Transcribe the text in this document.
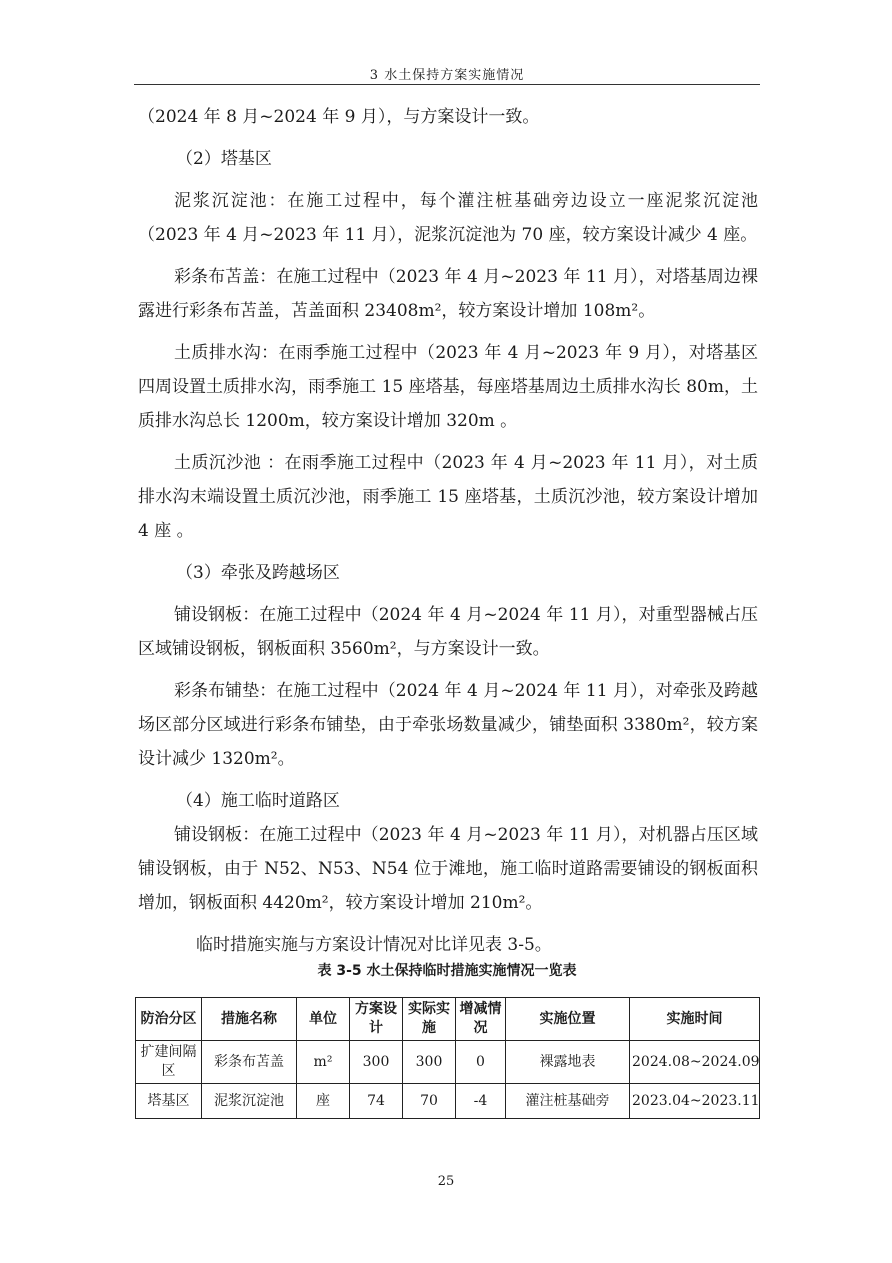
3 水土保持方案实施情况

（2024 年 8 月~2024 年 9 月），与方案设计一致。

（2）塔基区

泥浆沉淀池：在施工过程中，每个灌注桩基础旁边设立一座泥浆沉淀池（2023 年 4 月~2023 年 11 月），泥浆沉淀池为 70 座，较方案设计减少 4 座。

彩条布苫盖：在施工过程中（2023 年 4 月~2023 年 11 月），对塔基周边裸露进行彩条布苫盖，苫盖面积 23408m²，较方案设计增加 108m²。

土质排水沟：在雨季施工过程中（2023 年 4 月~2023 年 9 月），对塔基区四周设置土质排水沟，雨季施工 15 座塔基，每座塔基周边土质排水沟长 80m，土质排水沟总长 1200m，较方案设计增加 320m 。

土质沉沙池 ：在雨季施工过程中（2023 年 4 月~2023 年 11 月），对土质排水沟末端设置土质沉沙池，雨季施工 15 座塔基，土质沉沙池，较方案设计增加 4 座 。

（3）牵张及跨越场区

铺设钢板：在施工过程中（2024 年 4 月~2024 年 11 月），对重型器械占压区域铺设钢板，钢板面积 3560m²，与方案设计一致。

彩条布铺垫：在施工过程中（2024 年 4 月~2024 年 11 月），对牵张及跨越场区部分区域进行彩条布铺垫，由于牵张场数量减少，铺垫面积 3380m²，较方案设计减少 1320m²。

（4）施工临时道路区

铺设钢板：在施工过程中（2023 年 4 月~2023 年 11 月），对机器占压区域铺设钢板，由于 N52、N53、N54 位于滩地，施工临时道路需要铺设的钢板面积增加，钢板面积 4420m²，较方案设计增加 210m²。

临时措施实施与方案设计情况对比详见表 3-5。

表 3-5 水土保持临时措施实施情况一览表
防治分区	措施名称	单位	方案设计	实际实施	增减情况	实施位置	实施时间
扩建间隔区	彩条布苫盖	m²	300	300	0	裸露地表	2024.08~2024.09
塔基区	泥浆沉淀池	座	74	70	-4	灌注桩基础旁	2023.04~2023.11
25
